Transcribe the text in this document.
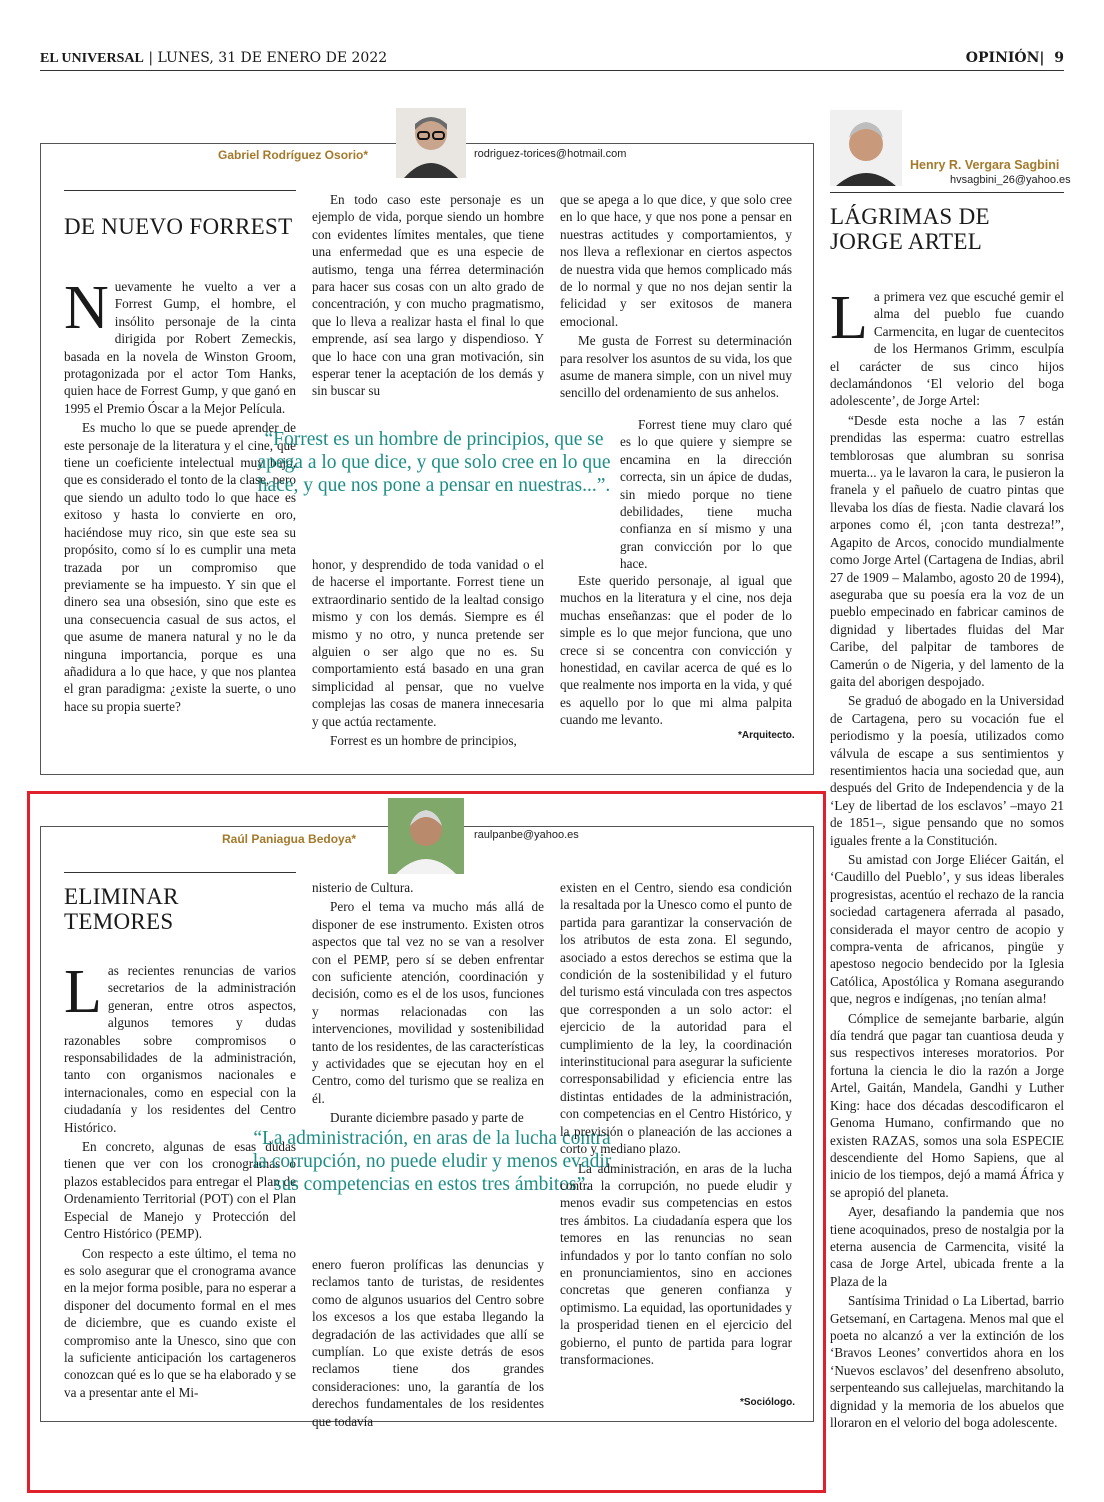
EL UNIVERSAL | LUNES, 31 DE ENERO DE 2022	OPINIÓN|  9
Gabriel Rodríguez Osorio*	rodriguez-torices@hotmail.com
DE NUEVO FORREST

Nuevamente he vuelto a ver a Forrest Gump, el hombre, el insólito personaje de la cinta dirigida por Robert Zemeckis, basada en la novela de Winston Groom, protagonizada por el actor Tom Hanks, quien hace de Forrest Gump, y que ganó en 1995 el Premio Óscar a la Mejor Película.

Es mucho lo que se puede aprender de este personaje de la literatura y el cine, que tiene un coeficiente intelectual muy bajo, que es considerado el tonto de la clase, pero que siendo un adulto todo lo que hace es exitoso y hasta lo convierte en oro, haciéndose muy rico, sin que este sea su propósito, como sí lo es cumplir una meta trazada por un compromiso que previamente se ha impuesto. Y sin que el dinero sea una obsesión, sino que este es una consecuencia casual de sus actos, el que asume de manera natural y no le da ninguna importancia, porque es una añadidura a lo que hace, y que nos plantea el gran paradigma: ¿existe la suerte, o uno hace su propia suerte?

En todo caso este personaje es un ejemplo de vida, porque siendo un hombre con evidentes límites mentales, que tiene una enfermedad que es una especie de autismo, tenga una férrea determinación para hacer sus cosas con un alto grado de concentración, y con mucho pragmatismo, que lo lleva a realizar hasta el final lo que emprende, así sea largo y dispendioso. Y que lo hace con una gran motivación, sin esperar tener la aceptación de los demás y sin buscar su

“Forrest es un hombre de principios, que se apega a lo que dice, y que solo cree en lo que hace, y que nos pone a pensar en nuestras...”.

honor, y desprendido de toda vanidad o el de hacerse el importante. Forrest tiene un extraordinario sentido de la lealtad consigo mismo y con los demás. Siempre es él mismo y no otro, y nunca pretende ser alguien o ser algo que no es. Su comportamiento está basado en una gran simplicidad al pensar, que no vuelve complejas las cosas de manera innecesaria y que actúa rectamente.

Forrest es un hombre de principios,

que se apega a lo que dice, y que solo cree en lo que hace, y que nos pone a pensar en nuestras actitudes y comportamientos, y nos lleva a reflexionar en ciertos aspectos de nuestra vida que hemos complicado más de lo normal y que no nos dejan sentir la felicidad y ser exitosos de manera emocional.

Me gusta de Forrest su determinación para resolver los asuntos de su vida, los que asume de manera simple, con un nivel muy sencillo del ordenamiento de sus anhelos.

Forrest tiene muy claro qué es lo que quiere y siempre se encamina en la dirección correcta, sin un ápice de dudas, sin miedo porque no tiene debilidades, tiene mucha confianza en sí mismo y una gran convicción por lo que hace.

Este querido personaje, al igual que muchos en la literatura y el cine, nos deja muchas enseñanzas: que el poder de lo simple es lo que mejor funciona, que uno crece si se concentra con convicción y honestidad, en cavilar acerca de qué es lo que realmente nos importa en la vida, y qué es aquello por lo que mi alma palpita cuando me levanto.

*Arquitecto.
Raúl Paniagua Bedoya*	raulpanbe@yahoo.es
ELIMINAR
TEMORES

Las recientes renuncias de varios secretarios de la administración generan, entre otros aspectos, algunos temores y dudas razonables sobre compromisos o responsabilidades de la administración, tanto con organismos nacionales e internacionales, como en especial con la ciudadanía y los residentes del Centro Histórico.

En concreto, algunas de esas dudas tienen que ver con los cronogramas o plazos establecidos para entregar el Plan de Ordenamiento Territorial (POT) con el Plan Especial de Manejo y Protección del Centro Histórico (PEMP).

Con respecto a este último, el tema no es solo asegurar que el cronograma avance en la mejor forma posible, para no esperar a disponer del documento formal en el mes de diciembre, que es cuando existe el compromiso ante la Unesco, sino que con la suficiente anticipación los cartageneros conozcan qué es lo que se ha elaborado y se va a presentar ante el Mi-

nisterio de Cultura.

Pero el tema va mucho más allá de disponer de ese instrumento. Existen otros aspectos que tal vez no se van a resolver con el PEMP, pero sí se deben enfrentar con suficiente atención, coordinación y decisión, como es el de los usos, funciones y normas relacionadas con las intervenciones, movilidad y sostenibilidad tanto de los residentes, de las características y actividades que se ejecutan hoy en el Centro, como del turismo que se realiza en él.

Durante diciembre pasado y parte de

“La administración, en aras de la lucha contra la corrupción, no puede eludir y menos evadir sus competencias en estos tres ámbitos”.

enero fueron prolíficas las denuncias y reclamos tanto de turistas, de residentes como de algunos usuarios del Centro sobre los excesos a los que estaba llegando la degradación de las actividades que allí se cumplían. Lo que existe detrás de esos reclamos tiene dos grandes consideraciones: uno, la garantía de los derechos fundamentales de los residentes que todavía

existen en el Centro, siendo esa condición la resaltada por la Unesco como el punto de partida para garantizar la conservación de los atributos de esta zona. El segundo, asociado a estos derechos se estima que la condición de la sostenibilidad y el futuro del turismo está vinculada con tres aspectos que corresponden a un solo actor: el ejercicio de la autoridad para el cumplimiento de la ley, la coordinación interinstitucional para asegurar la suficiente corresponsabilidad y eficiencia entre las distintas entidades de la administración, con competencias en el Centro Histórico, y la previsión o planeación de las acciones a corto y mediano plazo.

La administración, en aras de la lucha contra la corrupción, no puede eludir y menos evadir sus competencias en estos tres ámbitos. La ciudadanía espera que los temores en las renuncias no sean infundados y por lo tanto confían no solo en pronunciamientos, sino en acciones concretas que generen confianza y optimismo. La equidad, las oportunidades y la prosperidad tienen en el ejercicio del gobierno, el punto de partida para lograr transformaciones.

*Sociólogo.
Henry R. Vergara Sagbini
hvsagbini_26@yahoo.es
LÁGRIMAS DE
JORGE ARTEL

La primera vez que escuché gemir el alma del pueblo fue cuando Carmencita, en lugar de cuentecitos de los Hermanos Grimm, esculpía el carácter de sus cinco hijos declamándonos ‘El velorio del boga adolescente’, de Jorge Artel:

“Desde esta noche a las 7 están prendidas las esperma: cuatro estrellas temblorosas que alumbran su sonrisa muerta... ya le lavaron la cara, le pusieron la franela y el pañuelo de cuatro pintas que llevaba los días de fiesta. Nadie clavará los arpones como él, ¡con tanta destreza!”, Agapito de Arcos, conocido mundialmente como Jorge Artel (Cartagena de Indias, abril 27 de 1909 – Malambo, agosto 20 de 1994), aseguraba que su poesía era la voz de un pueblo empecinado en fabricar caminos de dignidad y libertades fluidas del Mar Caribe, del palpitar de tambores de Camerún o de Nigeria, y del lamento de la gaita del aborigen despojado.

Se graduó de abogado en la Universidad de Cartagena, pero su vocación fue el periodismo y la poesía, utilizados como válvula de escape a sus sentimientos y resentimientos hacia una sociedad que, aun después del Grito de Independencia y de la ‘Ley de libertad de los esclavos’ –mayo 21 de 1851–, sigue pensando que no somos iguales frente a la Constitución.

Su amistad con Jorge Eliécer Gaitán, el ‘Caudillo del Pueblo’, y sus ideas liberales progresistas, acentúo el rechazo de la rancia sociedad cartagenera aferrada al pasado, considerada el mayor centro de acopio y compra-venta de africanos, pingüe y apestoso negocio bendecido por la Iglesia Católica, Apostólica y Romana asegurando que, negros e indígenas, ¡no tenían alma!

Cómplice de semejante barbarie, algún día tendrá que pagar tan cuantiosa deuda y sus respectivos intereses moratorios. Por fortuna la ciencia le dio la razón a Jorge Artel, Gaitán, Mandela, Gandhi y Luther King: hace dos décadas descodificaron el Genoma Humano, confirmando que no existen RAZAS, somos una sola ESPECIE descendiente del Homo Sapiens, que al inicio de los tiempos, dejó a mamá África y se apropió del planeta.

Ayer, desafiando la pandemia que nos tiene acoquinados, preso de nostalgia por la eterna ausencia de Carmencita, visité la casa de Jorge Artel, ubicada frente a la Plaza de la

Santísima Trinidad o La Libertad, barrio Getsemaní, en Cartagena. Menos mal que el poeta no alcanzó a ver la extinción de los ‘Bravos Leones’ convertidos ahora en los ‘Nuevos esclavos’ del desenfreno absoluto, serpenteando sus callejuelas, marchitando la dignidad y la memoria de los abuelos que lloraron en el velorio del boga adolescente.
